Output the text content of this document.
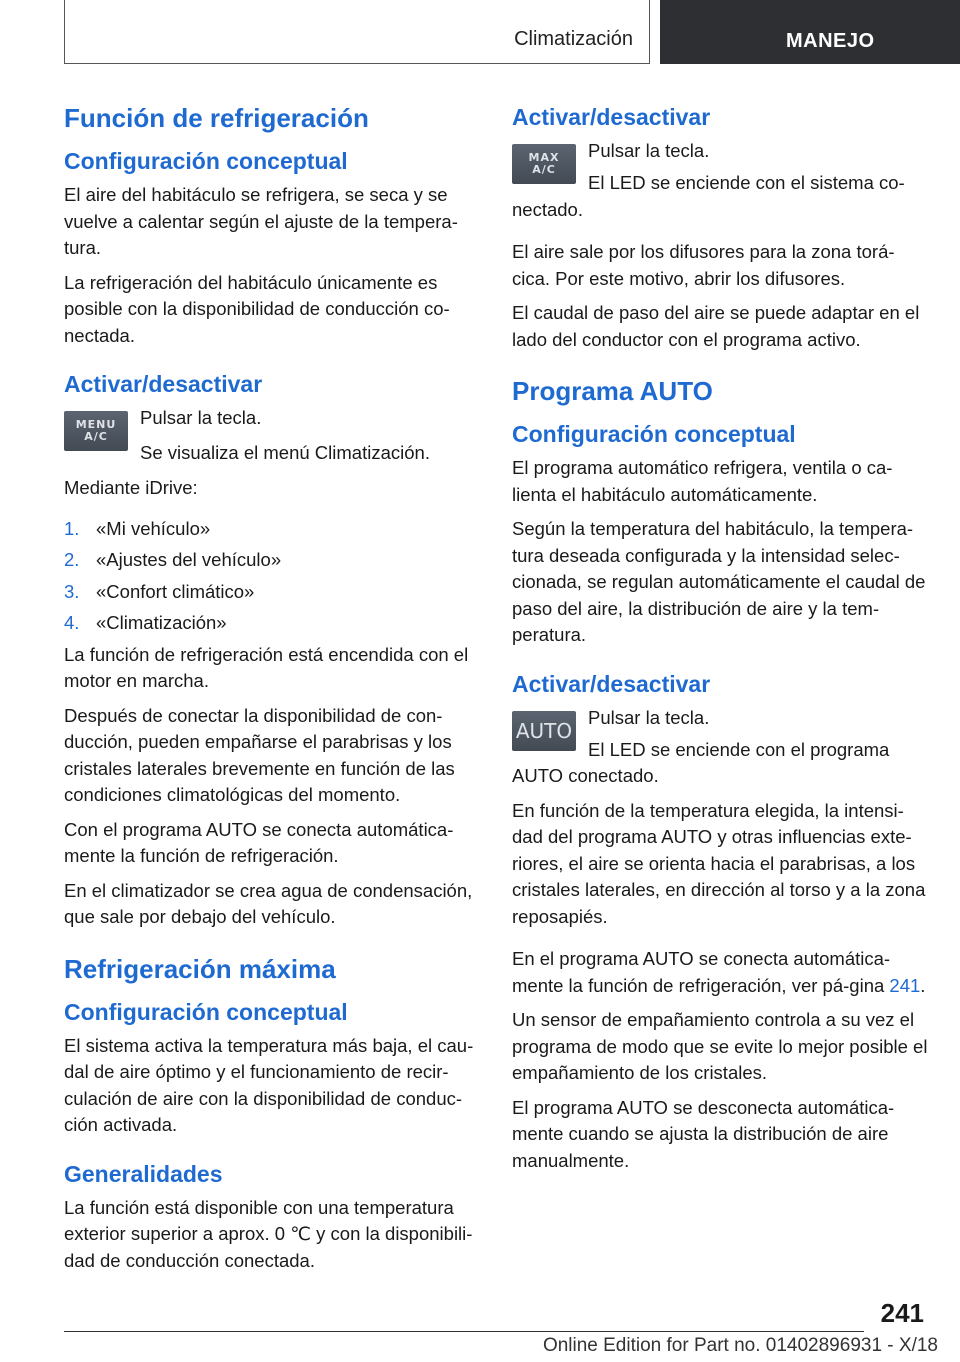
Climatización	MANEJO
Función de refrigeración
Configuración conceptual

El aire del habitáculo se refrigera, se seca y se vuelve a calentar según el ajuste de la tempera‐tura.

La refrigeración del habitáculo únicamente es posible con la disponibilidad de conducción co‐nectada.

Activar/desactivar
MENU
A/C

Pulsar la tecla.

Se visualiza el menú Climatización.

Mediante iDrive:

1. «Mi vehículo»
2. «Ajustes del vehículo»
3. «Confort climático»
4. «Climatización»

La función de refrigeración está encendida con el motor en marcha.

Después de conectar la disponibilidad de con‐ducción, pueden empañarse el parabrisas y los cristales laterales brevemente en función de las condiciones climatológicas del momento.

Con el programa AUTO se conecta automática‐mente la función de refrigeración.

En el climatizador se crea agua de condensación, que sale por debajo del vehículo.

Refrigeración máxima
Configuración conceptual

El sistema activa la temperatura más baja, el cau‐dal de aire óptimo y el funcionamiento de recir‐culación de aire con la disponibilidad de conduc‐ción activada.

Generalidades

La función está disponible con una temperatura exterior superior a aprox. 0 ℃ y con la disponibili‐dad de conducción conectada.

Activar/desactivar
MAX
A/C

Pulsar la tecla.

El LED se enciende con el sistema co‐nectado.

El aire sale por los difusores para la zona torá‐cica. Por este motivo, abrir los difusores.

El caudal de paso del aire se puede adaptar en el lado del conductor con el programa activo.

Programa AUTO
Configuración conceptual

El programa automático refrigera, ventila o ca‐lienta el habitáculo automáticamente.

Según la temperatura del habitáculo, la tempera‐tura deseada configurada y la intensidad selec‐cionada, se regulan automáticamente el caudal de paso del aire, la distribución de aire y la tem‐peratura.

Activar/desactivar
AUTO

Pulsar la tecla.

El LED se enciende con el programa AUTO conectado.

En función de la temperatura elegida, la intensi‐dad del programa AUTO y otras influencias exte‐riores, el aire se orienta hacia el parabrisas, a los cristales laterales, en dirección al torso y a la zona reposapiés.

En el programa AUTO se conecta automática‐mente la función de refrigeración, ver pá‐gina 241.

Un sensor de empañamiento controla a su vez el programa de modo que se evite lo mejor posible el empañamiento de los cristales.

El programa AUTO se desconecta automática‐mente cuando se ajusta la distribución de aire manualmente.

241
Online Edition for Part no. 01402896931 - X/18
